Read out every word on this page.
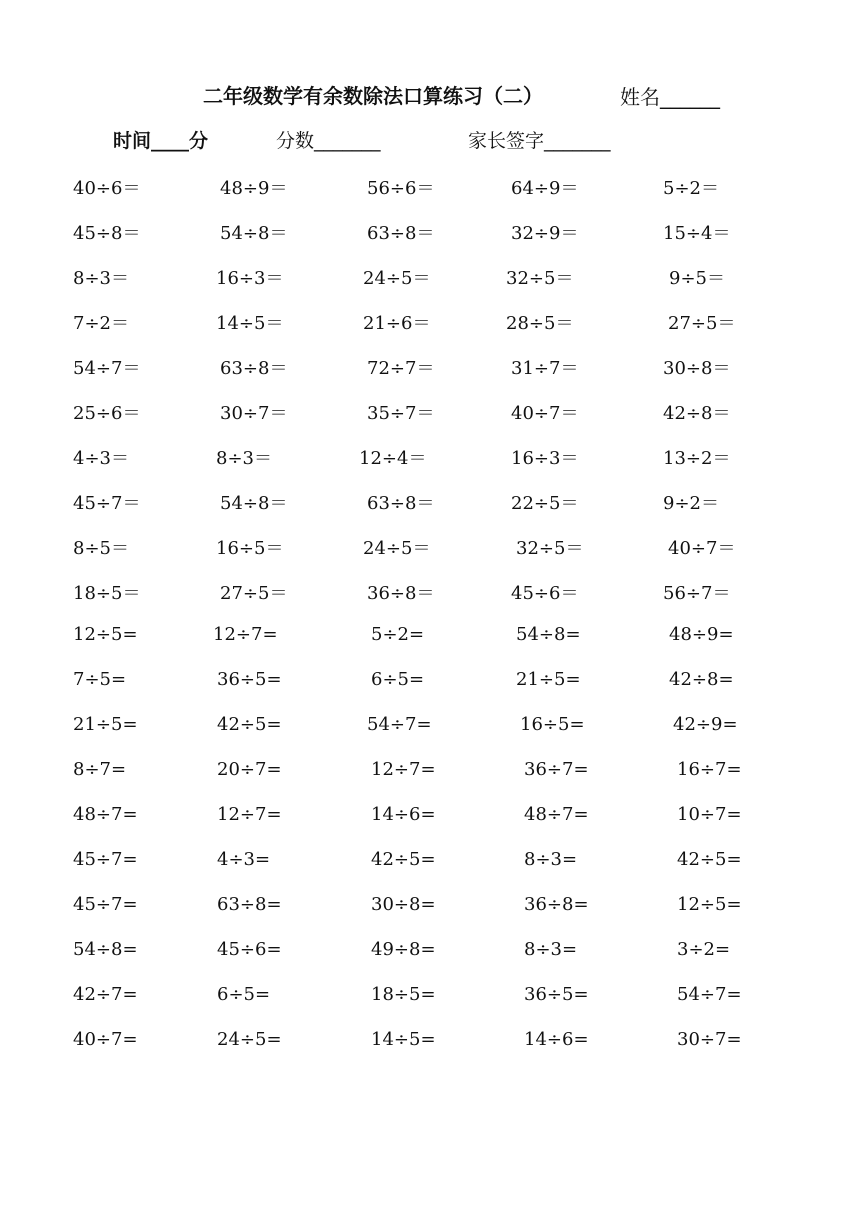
二年级数学有余数除法口算练习（二）	姓名______
时间____分	分数_______	家长签字_______
40÷6＝	48÷9＝	56÷6＝	64÷9＝	5÷2＝
45÷8＝	54÷8＝	63÷8＝	32÷9＝	15÷4＝
8÷3＝	16÷3＝	24÷5＝	32÷5＝	9÷5＝
7÷2＝	14÷5＝	21÷6＝	28÷5＝	27÷5＝
54÷7＝	63÷8＝	72÷7＝	31÷7＝	30÷8＝
25÷6＝	30÷7＝	35÷7＝	40÷7＝	42÷8＝
4÷3＝	8÷3＝	12÷4＝	16÷3＝	13÷2＝
45÷7＝	54÷8＝	63÷8＝	22÷5＝	9÷2＝
8÷5＝	16÷5＝	24÷5＝	32÷5＝	40÷7＝
18÷5＝	27÷5＝	36÷8＝	45÷6＝	56÷7＝
12÷5=	12÷7=	5÷2=	54÷8=	48÷9=
7÷5=	36÷5=	6÷5=	21÷5=	42÷8=
21÷5=	42÷5=	54÷7=	16÷5=	42÷9=
8÷7=	20÷7=	12÷7=	36÷7=	16÷7=
48÷7=	12÷7=	14÷6=	48÷7=	10÷7=
45÷7=	4÷3=	42÷5=	8÷3=	42÷5=
45÷7=	63÷8=	30÷8=	36÷8=	12÷5=
54÷8=	45÷6=	49÷8=	8÷3=	3÷2=
42÷7=	6÷5=	18÷5=	36÷5=	54÷7=
40÷7=	24÷5=	14÷5=	14÷6=	30÷7=
